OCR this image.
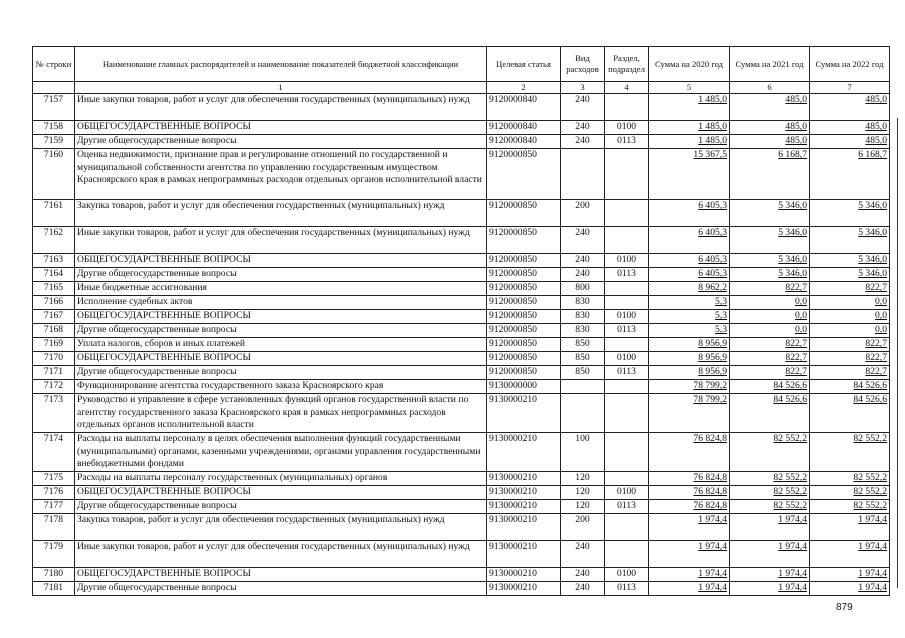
№ строки	Наименование главных распорядителей и наименование показателей бюджетной классификации	Целевая статья	Вид расходов	Раздел, подраздел	Сумма на 2020 год	Сумма на 2021 год	Сумма на 2022 год
	1	2	3	4	5	6	7
7157	Иные закупки товаров, работ и услуг для обеспечения государственных (муниципальных) нужд	9120000840	240		1 485,0	485,0	485,0
7158	ОБЩЕГОСУДАРСТВЕННЫЕ ВОПРОСЫ	9120000840	240	0100	1 485,0	485,0	485,0
7159	Другие общегосударственные вопросы	9120000840	240	0113	1 485,0	485,0	485,0
7160	Оценка недвижимости, признание прав и регулирование отношений по государственной и муниципальной собственности агентства по управлению государственным имуществом Красноярского края в рамках непрограммных расходов отдельных органов исполнительной власти	9120000850			15 367,5	6 168,7	6 168,7
7161	Закупка товаров, работ и услуг для обеспечения государственных (муниципальных) нужд	9120000850	200		6 405,3	5 346,0	5 346,0
7162	Иные закупки товаров, работ и услуг для обеспечения государственных (муниципальных) нужд	9120000850	240		6 405,3	5 346,0	5 346,0
7163	ОБЩЕГОСУДАРСТВЕННЫЕ ВОПРОСЫ	9120000850	240	0100	6 405,3	5 346,0	5 346,0
7164	Другие общегосударственные вопросы	9120000850	240	0113	6 405,3	5 346,0	5 346,0
7165	Иные бюджетные ассигнования	9120000850	800		8 962,2	822,7	822,7
7166	Исполнение судебных актов	9120000850	830		5,3	0,0	0,0
7167	ОБЩЕГОСУДАРСТВЕННЫЕ ВОПРОСЫ	9120000850	830	0100	5,3	0,0	0,0
7168	Другие общегосударственные вопросы	9120000850	830	0113	5,3	0,0	0,0
7169	Уплата налогов, сборов и иных платежей	9120000850	850		8 956,9	822,7	822,7
7170	ОБЩЕГОСУДАРСТВЕННЫЕ ВОПРОСЫ	9120000850	850	0100	8 956,9	822,7	822,7
7171	Другие общегосударственные вопросы	9120000850	850	0113	8 956,9	822,7	822,7
7172	Функционирование агентства государственного заказа Красноярского края	9130000000			78 799,2	84 526,6	84 526,6
7173	Руководство и управление в сфере установленных функций органов государственной власти по агентству государственного заказа Красноярского края в рамках непрограммных расходов отдельных органов исполнительной власти	9130000210			78 799,2	84 526,6	84 526,6
7174	Расходы на выплаты персоналу в целях обеспечения выполнения функций государственными (муниципальными) органами, казенными учреждениями, органами управления государственными внебюджетными фондами	9130000210	100		76 824,8	82 552,2	82 552,2
7175	Расходы на выплаты персоналу государственных (муниципальных) органов	9130000210	120		76 824,8	82 552,2	82 552,2
7176	ОБЩЕГОСУДАРСТВЕННЫЕ ВОПРОСЫ	9130000210	120	0100	76 824,8	82 552,2	82 552,2
7177	Другие общегосударственные вопросы	9130000210	120	0113	76 824,8	82 552,2	82 552,2
7178	Закупка товаров, работ и услуг для обеспечения государственных (муниципальных) нужд	9130000210	200		1 974,4	1 974,4	1 974,4
7179	Иные закупки товаров, работ и услуг для обеспечения государственных (муниципальных) нужд	9130000210	240		1 974,4	1 974,4	1 974,4
7180	ОБЩЕГОСУДАРСТВЕННЫЕ ВОПРОСЫ	9130000210	240	0100	1 974,4	1 974,4	1 974,4
7181	Другие общегосударственные вопросы	9130000210	240	0113	1 974,4	1 974,4	1 974,4
879
